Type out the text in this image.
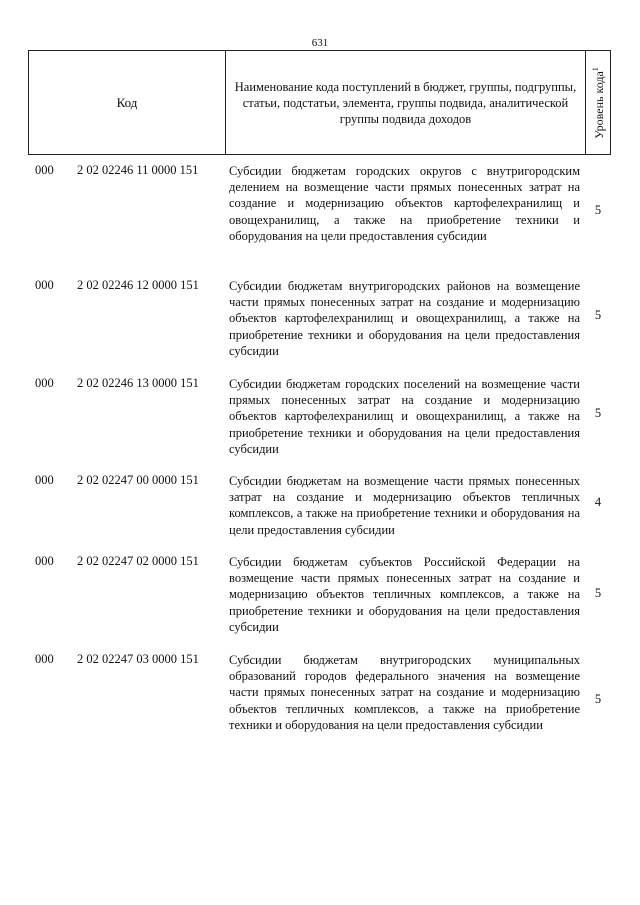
631
Код
Наименование кода поступлений в бюджет, группы, подгруппы, статьи, подстатьи, элемента, группы подвида, аналитической группы подвида доходов	Уровень кода$^1$
000 2 02 02246 11 0000 151 Субсидии бюджетам городских округов с внутригородским делением на возмещение части прямых понесенных затрат на создание и модернизацию объектов картофелехранилищ и овощехранилищ, а также на приобретение техники и оборудования на цели предоставления субсидии
5
000 2 02 02246 12 0000 151 Субсидии бюджетам внутригородских районов на возмещение части прямых понесенных затрат на создание и модернизацию объектов картофелехранилищ и овощехранилищ, а также на приобретение техники и оборудования на цели предоставления субсидии
5
000 2 02 02246 13 0000 151 Субсидии бюджетам городских поселений на возмещение части прямых понесенных затрат на создание и модернизацию объектов картофелехранилищ и овощехранилищ, а также на приобретение техники и оборудования на цели предоставления субсидии
5
000 2 02 02247 00 0000 151 Субсидии бюджетам на возмещение части прямых понесенных затрат на создание и модернизацию объектов тепличных комплексов, а также на приобретение техники и оборудования на цели предоставления субсидии
4
000 2 02 02247 02 0000 151 Субсидии бюджетам субъектов Российской Федерации на возмещение части прямых понесенных затрат на создание и модернизацию объектов тепличных комплексов, а также на приобретение техники и оборудования на цели предоставления субсидии
5
000 2 02 02247 03 0000 151 Субсидии бюджетам внутригородских муниципальных образований городов федерального значения на возмещение части прямых понесенных затрат на создание и модернизацию объектов тепличных комплексов, а также на приобретение техники и оборудования на цели предоставления субсидии
5
